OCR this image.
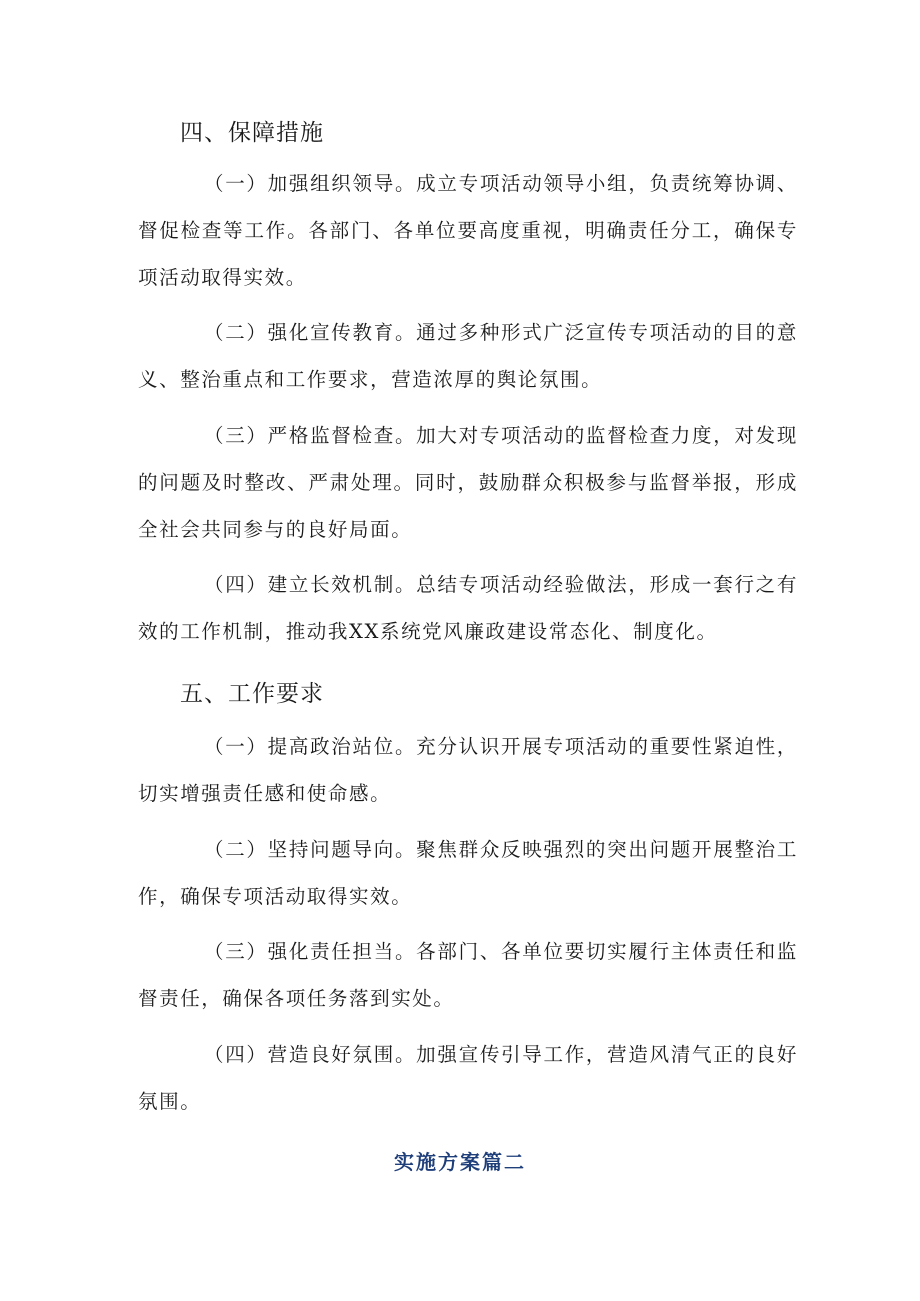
四、保障措施

（一）加强组织领导。成立专项活动领导小组，负责统筹协调、督促检查等工作。各部门、各单位要高度重视，明确责任分工，确保专项活动取得实效。

（二）强化宣传教育。通过多种形式广泛宣传专项活动的目的意义、整治重点和工作要求，营造浓厚的舆论氛围。

（三）严格监督检查。加大对专项活动的监督检查力度，对发现的问题及时整改、严肃处理。同时，鼓励群众积极参与监督举报，形成全社会共同参与的良好局面。

（四）建立长效机制。总结专项活动经验做法，形成一套行之有效的工作机制，推动我XX系统党风廉政建设常态化、制度化。

五、工作要求

（一）提高政治站位。充分认识开展专项活动的重要性紧迫性，切实增强责任感和使命感。

（二）坚持问题导向。聚焦群众反映强烈的突出问题开展整治工作，确保专项活动取得实效。

（三）强化责任担当。各部门、各单位要切实履行主体责任和监督责任，确保各项任务落到实处。

（四）营造良好氛围。加强宣传引导工作，营造风清气正的良好氛围。

实施方案篇二
